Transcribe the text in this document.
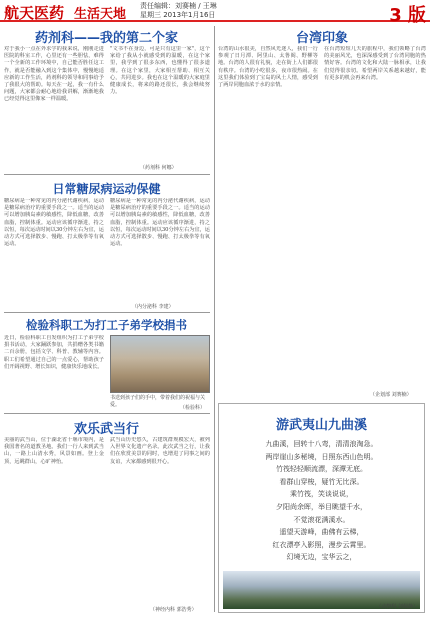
航天医药 生活天地
责任编辑：刘赛楠 / 王琳
星期三 2013年1月16日	3 版
药剂科——我的第二个家
对于我小一点在外求学的我来说，刚刚走进医院的科室工作，心里还有一些胆怯，难得一个全新的工作环境中，自己能否胜任这工作，就是否能融入到这个集体中，慢慢地适应新的工作生活，药剂科的领导和同事给予了我很大的帮助。每天在一起，我一有什么问题，大家都会耐心地给我讲解，渐渐地我已经觉得这里像家一样温暖。
"文书不在身边，可是只有这里一家"，这个家给了我从小就感受到的温暖，在这个家里，我学到了很多东西，也懂得了很多道理。在这个家里，大家相互帮助、相互关心，共同进步。我也在这个温暖的大家庭里健康成长，将来的路还很长，我会继续努力。
（药剂科 何娜）
日常糖尿病运动保健
糖尿病是一种常见的内分泌代谢疾病，运动是糖尿病治疗的重要手段之一。适当的运动可以增加胰岛素的敏感性，降低血糖，改善血脂，控制体重。运动应该循序渐进，持之以恒，每次运动时间以30分钟左右为宜，运动方式可选择散步、慢跑、打太极拳等有氧运动。
糖尿病是一种常见的内分泌代谢疾病，运动是糖尿病治疗的重要手段之一。适当的运动可以增加胰岛素的敏感性，降低血糖，改善血脂，控制体重。运动应该循序渐进，持之以恒，每次运动时间以30分钟左右为宜，运动方式可选择散步、慢跑、打太极拳等有氧运动。
（内分泌科 李建）
检验科职工为打工子弟学校捐书
近日，检验科职工自发组织为打工子弟学校捐书活动，大家踊跃参加，共捐赠各类书籍二百余册，包括文学、科普、教辅等内容。职工们希望通过自己的一点爱心，帮助孩子们开阔视野、增长知识，健康快乐地成长。
书送到孩子们的手中，带着我们的祝福与关爱。	（检验科）
欢乐武当行
美丽的武当山，位于湖北省十堰市境内，是我国著名的道教圣地。我们一行人来到武当山，一路上山清水秀，风景如画。登上金顶，远眺群山，心旷神怡。
武当山历史悠久，古建筑群规模宏大，被列入世界文化遗产名录。此次武当之行，让我们在欣赏美景的同时，也增进了同事之间的友谊，大家都感到很开心。
（神经内科 郭浩秀）
台湾印象
台湾的山水很美，自然风光迷人，我们一行参观了日月潭、阿里山、太鲁阁、野柳等地。台湾的人很有礼貌，走在街上人们都很有秩序。台湾的小吃很多，夜市很热闹。在这里我们体验到了宝岛的风土人情，感受到了两岸同胞血浓于水的亲情。
在台湾短短几天的旅程中，我们领略了台湾的美丽风光，也深深感受到了台湾同胞的热情好客。台湾的文化和大陆一脉相承，让我们觉得很亲切。希望两岸关系越来越好，能有更多的机会再来台湾。
（企划部 刘赛楠）
游武夷山九曲溪
九曲溪，回转十八弯，清清浪淘急。
两岸崖山多秘境，日照东西山色明。
竹筏轻轻顺流漂，深潭无底。
看群山穿梭，疑竹无比深。
乘竹筏，笑谈说说，
夕阳尚余晖，举目眺望千水，
不觉滚花满溪水。
遥望天游峰，曲佛有云梯，
红衣漂亭入影照，漫步云霄里。
幻境无边，宝华云之，
（动物科 刘佩静）
